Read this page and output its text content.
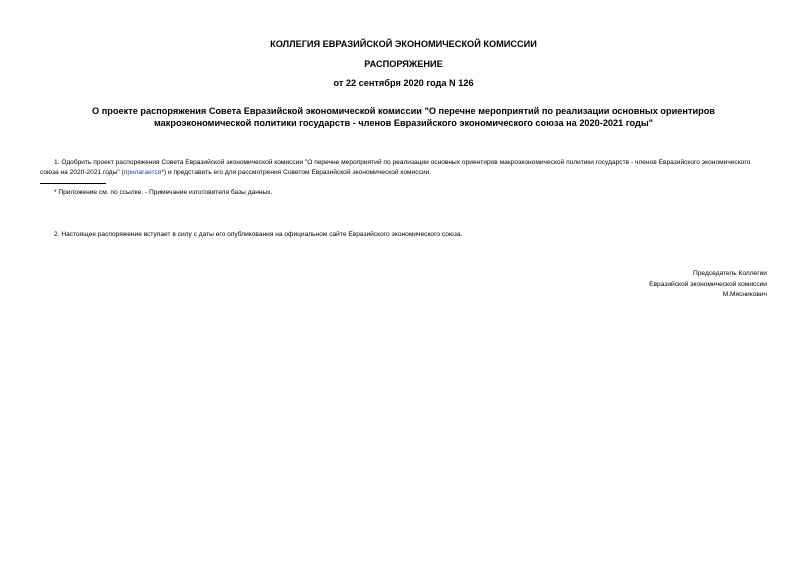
КОЛЛЕГИЯ ЕВРАЗИЙСКОЙ ЭКОНОМИЧЕСКОЙ КОМИССИИ
РАСПОРЯЖЕНИЕ
от 22 сентября 2020 года N 126
О проекте распоряжения Совета Евразийской экономической комиссии "О перечне мероприятий по реализации основных ориентиров макроэкономической политики государств - членов Евразийского экономического союза на 2020-2021 годы"
1. Одобрить проект распоряжения Совета Евразийской экономической комиссии "О перечне мероприятий по реализации основных ориентиров макроэкономической политики государств - членов Евразийского экономического союза на 2020-2021 годы" (прилагается*) и представить его для рассмотрения Советом Евразийской экономической комиссии.
* Приложение см. по ссылке. - Примечание изготовителя базы данных.
2. Настоящее распоряжение вступает в силу с даты его опубликования на официальном сайте Евразийского экономического союза.
Председатель Коллегии
Евразийской экономической комиссии
М.Мясникович
